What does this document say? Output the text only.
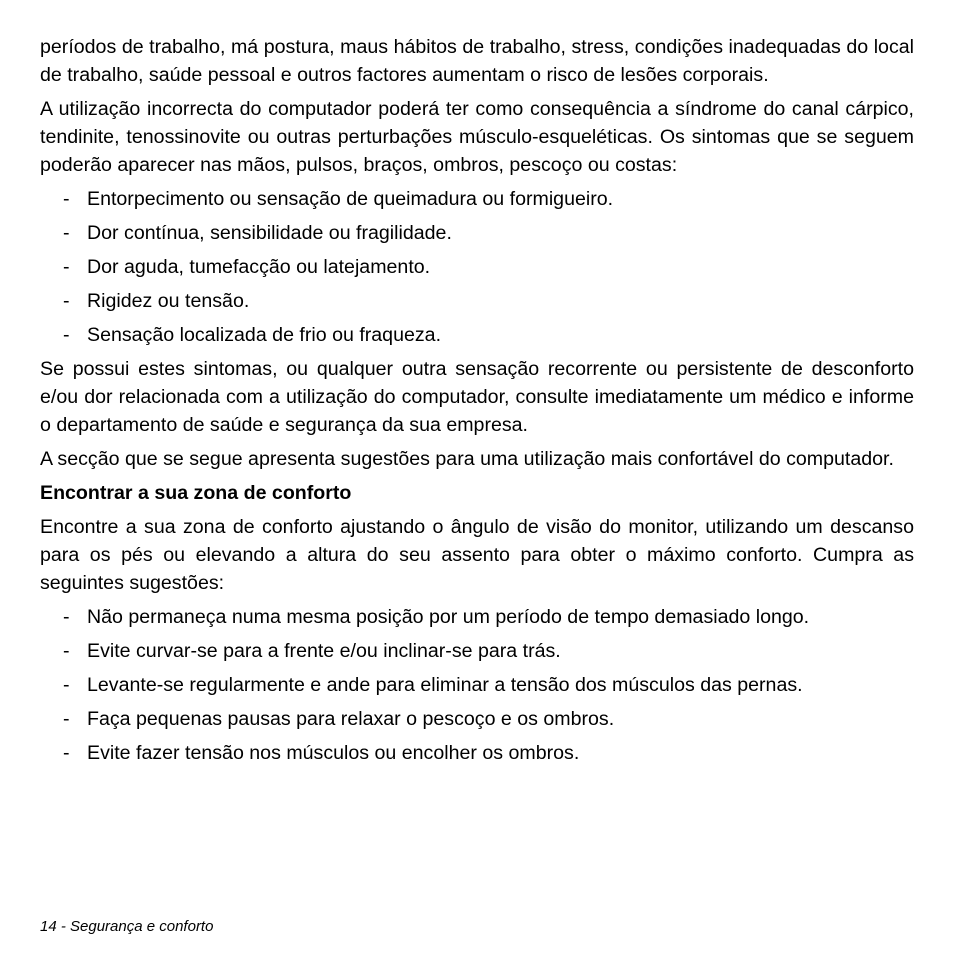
períodos de trabalho, má postura, maus hábitos de trabalho, stress, condições inadequadas do local de trabalho, saúde pessoal e outros factores aumentam o risco de lesões corporais.

A utilização incorrecta do computador poderá ter como consequência a síndrome do canal cárpico, tendinite, tenossinovite ou outras perturbações músculo-esqueléticas. Os sintomas que se seguem poderão aparecer nas mãos, pulsos, braços, ombros, pescoço ou costas:

- Entorpecimento ou sensação de queimadura ou formigueiro.
- Dor contínua, sensibilidade ou fragilidade.
- Dor aguda, tumefacção ou latejamento.
- Rigidez ou tensão.
- Sensação localizada de frio ou fraqueza.

Se possui estes sintomas, ou qualquer outra sensação recorrente ou persistente de desconforto e/ou dor relacionada com a utilização do computador, consulte imediatamente um médico e informe o departamento de saúde e segurança da sua empresa.

A secção que se segue apresenta sugestões para uma utilização mais confortável do computador.

Encontrar a sua zona de conforto

Encontre a sua zona de conforto ajustando o ângulo de visão do monitor, utilizando um descanso para os pés ou elevando a altura do seu assento para obter o máximo conforto. Cumpra as seguintes sugestões:

- Não permaneça numa mesma posição por um período de tempo demasiado longo.
- Evite curvar-se para a frente e/ou inclinar-se para trás.
- Levante-se regularmente e ande para eliminar a tensão dos músculos das pernas.
- Faça pequenas pausas para relaxar o pescoço e os ombros.
- Evite fazer tensão nos músculos ou encolher os ombros.
14 - Segurança e conforto
